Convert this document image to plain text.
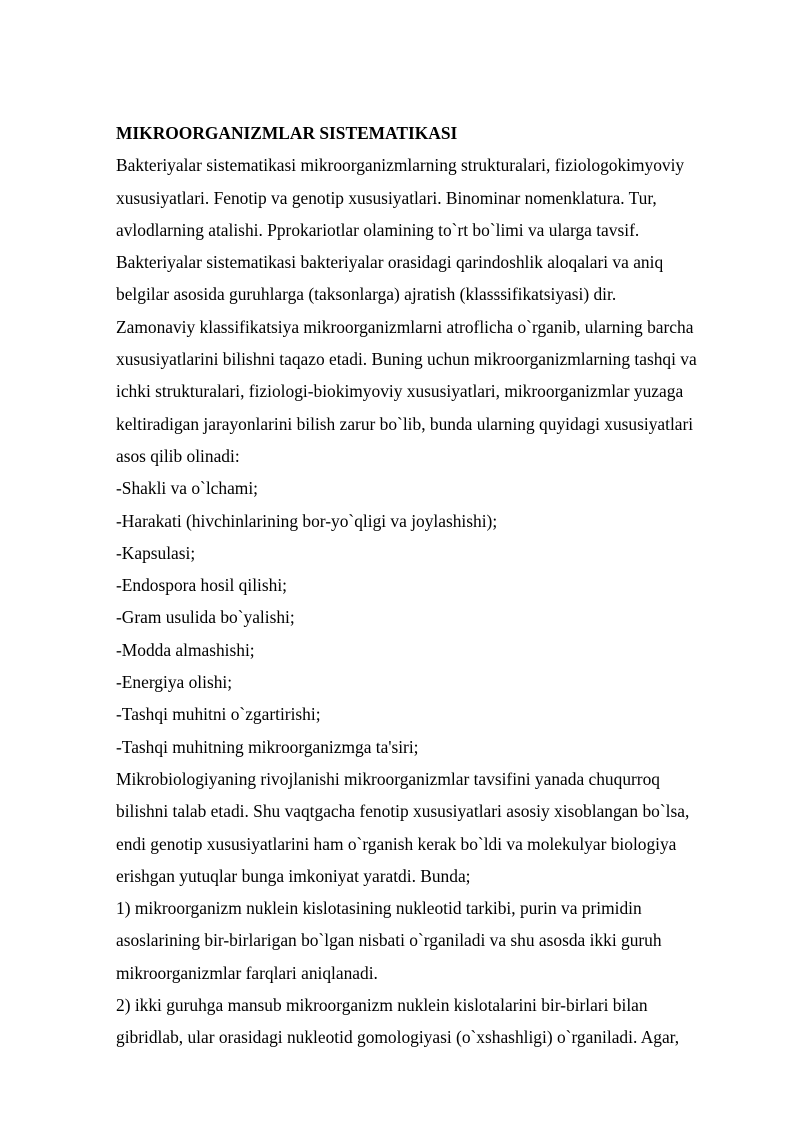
MIKROORGANIZMLAR SISTEMATIKASI
Bakteriyalar sistematikasi mikroorganizmlarning strukturalari, fiziologokimyoviy
xususiyatlari. Fenotip va genotip xususiyatlari. Binominar nomenklatura. Tur,
avlodlarning atalishi. Pprokariotlar olamining to`rt bo`limi va ularga tavsif.
Bakteriyalar sistematikasi bakteriyalar orasidagi qarindoshlik aloqalari va aniq
belgilar asosida guruhlarga (taksonlarga) ajratish (klasssifikatsiyasi) dir.
Zamonaviy klassifikatsiya mikroorganizmlarni atroflicha o`rganib, ularning barcha
xususiyatlarini bilishni taqazo etadi. Buning uchun mikroorganizmlarning tashqi va
ichki strukturalari, fiziologi-biokimyoviy xususiyatlari, mikroorganizmlar yuzaga
keltiradigan jarayonlarini bilish zarur bo`lib, bunda ularning quyidagi xususiyatlari
asos qilib olinadi:
-Shakli va o`lchami;
-Harakati (hivchinlarining bor-yo`qligi va joylashishi);
-Kapsulasi;
-Endospora hosil qilishi;
-Gram usulida bo`yalishi;
-Modda almashishi;
-Energiya olishi;
-Tashqi muhitni o`zgartirishi;
-Tashqi muhitning mikroorganizmga ta'siri;
Mikrobiologiyaning rivojlanishi mikroorganizmlar tavsifini yanada chuqurroq
bilishni talab etadi. Shu vaqtgacha fenotip xususiyatlari asosiy xisoblangan bo`lsa,
endi genotip xususiyatlarini ham o`rganish kerak bo`ldi va molekulyar biologiya
erishgan yutuqlar bunga imkoniyat yaratdi. Bunda;
1) mikroorganizm nuklein kislotasining nukleotid tarkibi, purin va primidin
asoslarining bir-birlarigan bo`lgan nisbati o`rganiladi va shu asosda ikki guruh
mikroorganizmlar farqlari aniqlanadi.
2) ikki guruhga mansub mikroorganizm nuklein kislotalarini bir-birlari bilan
gibridlab, ular orasidagi nukleotid gomologiyasi (o`xshashligi) o`rganiladi. Agar,
